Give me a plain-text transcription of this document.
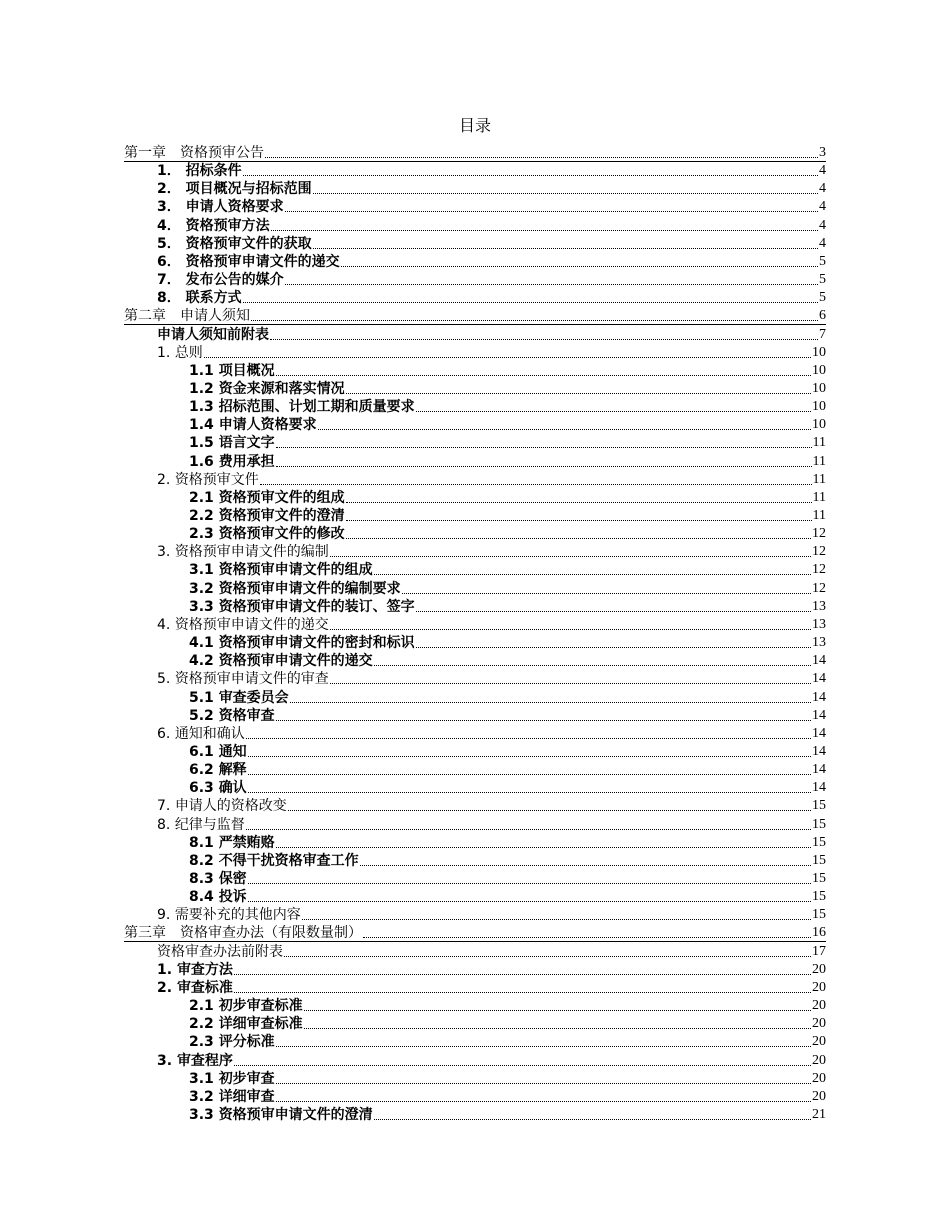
目录
第一章　资格预审公告	3
1． 招标条件	4
2． 项目概况与招标范围	4
3． 申请人资格要求	4
4． 资格预审方法	4
5． 资格预审文件的获取	4
6． 资格预审申请文件的递交	5
7． 发布公告的媒介	5
8． 联系方式	5
第二章　申请人须知	6
申请人须知前附表	7
1. 总则	10
1.1 项目概况	10
1.2 资金来源和落实情况	10
1.3 招标范围、计划工期和质量要求	10
1.4 申请人资格要求	10
1.5 语言文字	11
1.6 费用承担	11
2. 资格预审文件	11
2.1 资格预审文件的组成	11
2.2 资格预审文件的澄清	11
2.3 资格预审文件的修改	12
3. 资格预审申请文件的编制	12
3.1 资格预审申请文件的组成	12
3.2 资格预审申请文件的编制要求	12
3.3 资格预审申请文件的装订、签字	13
4. 资格预审申请文件的递交	13
4.1 资格预审申请文件的密封和标识	13
4.2 资格预审申请文件的递交	14
5. 资格预审申请文件的审查	14
5.1 审查委员会	14
5.2 资格审查	14
6. 通知和确认	14
6.1 通知	14
6.2 解释	14
6.3 确认	14
7. 申请人的资格改变	15
8. 纪律与监督	15
8.1 严禁贿赂	15
8.2 不得干扰资格审查工作	15
8.3 保密	15
8.4 投诉	15
9. 需要补充的其他内容	15
第三章　资格审查办法（有限数量制）	16
资格审查办法前附表	17
1. 审查方法	20
2. 审查标准	20
2.1 初步审查标准	20
2.2 详细审查标准	20
2.3 评分标准	20
3. 审查程序	20
3.1 初步审查	20
3.2 详细审查	20
3.3 资格预审申请文件的澄清	21
